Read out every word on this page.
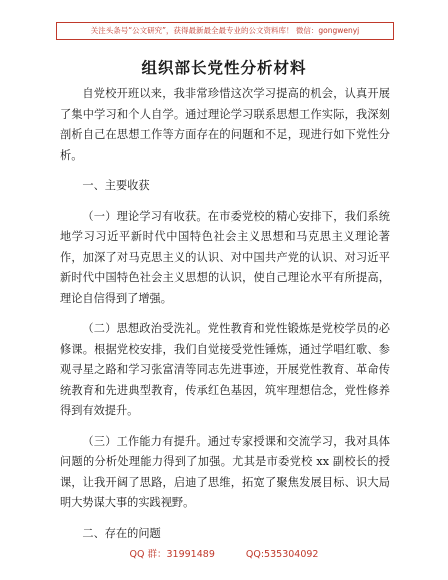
关注头条号“公文研究”，获得最新最全最专业的公文资料库！ 微信：gongwenyj
组织部长党性分析材料

自党校开班以来，我非常珍惜这次学习提高的机会，认真开展了集中学习和个人自学。通过理论学习联系思想工作实际，我深刻剖析自己在思想工作等方面存在的问题和不足，现进行如下党性分析。

一、主要收获

（一）理论学习有收获。在市委党校的精心安排下，我们系统地学习习近平新时代中国特色社会主义思想和马克思主义理论著作，加深了对马克思主义的认识、对中国共产党的认识、对习近平新时代中国特色社会主义思想的认识，使自己理论水平有所提高，理论自信得到了增强。

（二）思想政治受洗礼。党性教育和党性锻炼是党校学员的必修课。根据党校安排，我们自觉接受党性锤炼，通过学唱红歌、参观寻星之路和学习张富清等同志先进事迹，开展党性教育、革命传统教育和先进典型教育，传承红色基因，筑牢理想信念，党性修养得到有效提升。

（三）工作能力有提升。通过专家授课和交流学习，我对具体问题的分析处理能力得到了加强。尤其是市委党校 xx 副校长的授课，让我开阔了思路，启迪了思维，拓宽了聚焦发展目标、识大局明大势谋大事的实践视野。

二、存在的问题

QQ 群：31991489	QQ:535304092
